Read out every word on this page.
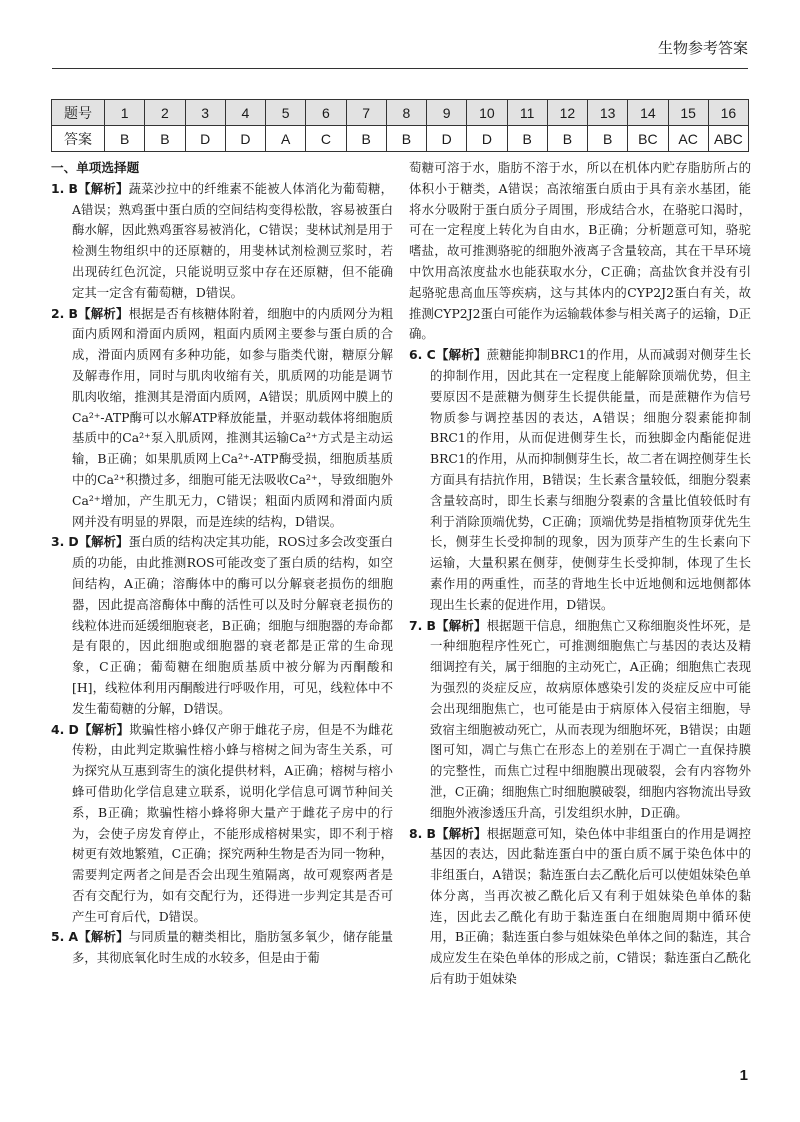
生物参考答案
题号	1	2	3	4	5	6	7	8	9	10	11	12	13	14	15	16
答案	B	B	D	D	A	C	B	B	D	D	B	B	B	BC	AC	ABC

一、单项选择题

1. B【解析】蔬菜沙拉中的纤维素不能被人体消化为葡萄糖，A错误；熟鸡蛋中蛋白质的空间结构变得松散，容易被蛋白酶水解，因此熟鸡蛋容易被消化，C错误；斐林试剂是用于检测生物组织中的还原糖的，用斐林试剂检测豆浆时，若出现砖红色沉淀，只能说明豆浆中存在还原糖，但不能确定其一定含有葡萄糖，D错误。

2. B【解析】根据是否有核糖体附着，细胞中的内质网分为粗面内质网和滑面内质网，粗面内质网主要参与蛋白质的合成，滑面内质网有多种功能，如参与脂类代谢，糖原分解及解毒作用，同时与肌肉收缩有关，肌质网的功能是调节肌肉收缩，推测其是滑面内质网，A错误；肌质网中膜上的Ca²⁺-ATP酶可以水解ATP释放能量，并驱动载体将细胞质基质中的Ca²⁺泵入肌质网，推测其运输Ca²⁺方式是主动运输，B正确；如果肌质网上Ca²⁺-ATP酶受损，细胞质基质中的Ca²⁺积攒过多，细胞可能无法吸收Ca²⁺，导致细胞外Ca²⁺增加，产生肌无力，C错误；粗面内质网和滑面内质网并没有明显的界限，而是连续的结构，D错误。

3. D【解析】蛋白质的结构决定其功能，ROS过多会改变蛋白质的功能，由此推测ROS可能改变了蛋白质的结构，如空间结构，A正确；溶酶体中的酶可以分解衰老损伤的细胞器，因此提高溶酶体中酶的活性可以及时分解衰老损伤的线粒体进而延缓细胞衰老，B正确；细胞与细胞器的寿命都是有限的，因此细胞或细胞器的衰老都是正常的生命现象，C正确；葡萄糖在细胞质基质中被分解为丙酮酸和[H]，线粒体利用丙酮酸进行呼吸作用，可见，线粒体中不发生葡萄糖的分解，D错误。

4. D【解析】欺骗性榕小蜂仅产卵于雌花子房，但是不为雌花传粉，由此判定欺骗性榕小蜂与榕树之间为寄生关系，可为探究从互惠到寄生的演化提供材料，A正确；榕树与榕小蜂可借助化学信息建立联系，说明化学信息可调节种间关系，B正确；欺骗性榕小蜂将卵大量产于雌花子房中的行为，会使子房发育停止，不能形成榕树果实，即不利于榕树更有效地繁殖，C正确；探究两种生物是否为同一物种，需要判定两者之间是否会出现生殖隔离，故可观察两者是否有交配行为，如有交配行为，还得进一步判定其是否可产生可育后代，D错误。

5. A【解析】与同质量的糖类相比，脂肪氢多氧少，储存能量多，其彻底氧化时生成的水较多，但是由于葡

萄糖可溶于水，脂肪不溶于水，所以在机体内贮存脂肪所占的体积小于糖类，A错误；高浓缩蛋白质由于具有亲水基团，能将水分吸附于蛋白质分子周围，形成结合水，在骆驼口渴时，可在一定程度上转化为自由水，B正确；分析题意可知，骆驼嗜盐，故可推测骆驼的细胞外液离子含量较高，其在干旱环境中饮用高浓度盐水也能获取水分，C正确；高盐饮食并没有引起骆驼患高血压等疾病，这与其体内的CYP2J2蛋白有关，故推测CYP2J2蛋白可能作为运输载体参与相关离子的运输，D正确。

6. C【解析】蔗糖能抑制BRC1的作用，从而减弱对侧芽生长的抑制作用，因此其在一定程度上能解除顶端优势，但主要原因不是蔗糖为侧芽生长提供能量，而是蔗糖作为信号物质参与调控基因的表达，A错误；细胞分裂素能抑制BRC1的作用，从而促进侧芽生长，而独脚金内酯能促进BRC1的作用，从而抑制侧芽生长，故二者在调控侧芽生长方面具有拮抗作用，B错误；生长素含量较低，细胞分裂素含量较高时，即生长素与细胞分裂素的含量比值较低时有利于消除顶端优势，C正确；顶端优势是指植物顶芽优先生长，侧芽生长受抑制的现象，因为顶芽产生的生长素向下运输，大量积累在侧芽，使侧芽生长受抑制，体现了生长素作用的两重性，而茎的背地生长中近地侧和远地侧都体现出生长素的促进作用，D错误。

7. B【解析】根据题干信息，细胞焦亡又称细胞炎性坏死，是一种细胞程序性死亡，可推测细胞焦亡与基因的表达及精细调控有关，属于细胞的主动死亡，A正确；细胞焦亡表现为强烈的炎症反应，故病原体感染引发的炎症反应中可能会出现细胞焦亡，也可能是由于病原体入侵宿主细胞，导致宿主细胞被动死亡，从而表现为细胞坏死，B错误；由题图可知，凋亡与焦亡在形态上的差别在于凋亡一直保持膜的完整性，而焦亡过程中细胞膜出现破裂，会有内容物外泄，C正确；细胞焦亡时细胞膜破裂，细胞内容物流出导致细胞外液渗透压升高，引发组织水肿，D正确。

8. B【解析】根据题意可知，染色体中非组蛋白的作用是调控基因的表达，因此黏连蛋白中的蛋白质不属于染色体中的非组蛋白，A错误；黏连蛋白去乙酰化后可以使姐妹染色单体分离，当再次被乙酰化后又有利于姐妹染色单体的黏连，因此去乙酰化有助于黏连蛋白在细胞周期中循环使用，B正确；黏连蛋白参与姐妹染色单体之间的黏连，其合成应发生在染色单体的形成之前，C错误；黏连蛋白乙酰化后有助于姐妹染

1
